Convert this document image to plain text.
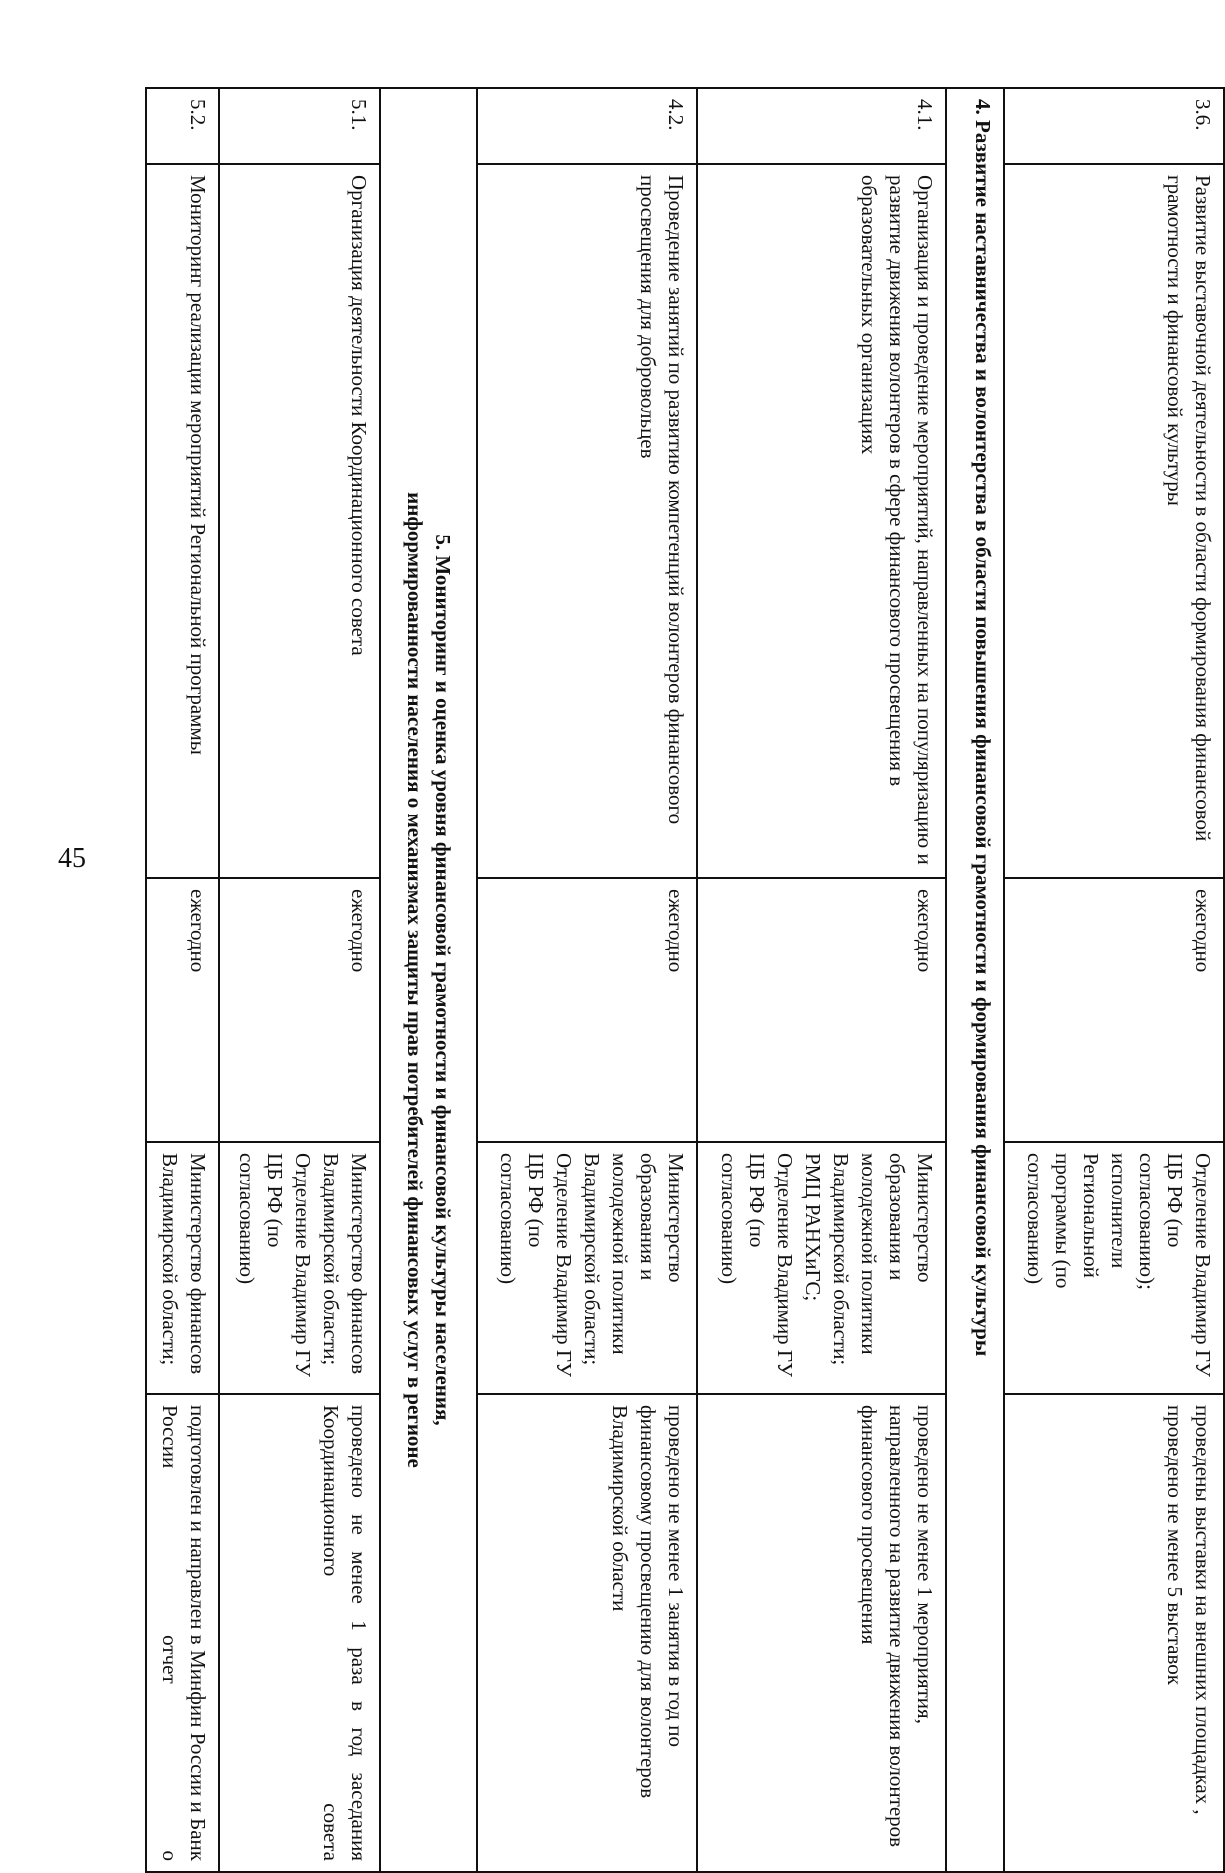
45
3.6.	Развитие выставочной деятельности в области формирования финансовой грамотности и финансовой культуры	ежегодно	Отделение Владимир ГУ ЦБ РФ (по согласованию); исполнители Региональной программы (по согласованию)	проведены выставки на внешних площадках , проведено не менее 5 выставок
4. Развитие наставничества и волонтерства в области повышения финансовой грамотности и формирования финансовой культуры				
4.1.	Организация и проведение мероприятий, направленных на популяризацию и развитие движения волонтеров в сфере финансового просвещения в образовательных организациях	ежегодно	Министерство образования и молодежной политики Владимирской области; РМЦ РАНХиГС; Отделение Владимир ГУ ЦБ РФ (по согласованию)	проведено не менее 1 мероприятия, направленного на развитие движения волонтеров финансового просвещения
4.2.	Проведение занятий по развитию компетенций волонтеров финансового просвещения для добровольцев	ежегодно	Министерство образования и молодежной политики Владимирской области; Отделение Владимир ГУ ЦБ РФ (по согласованию)	проведено не менее 1 занятия в год по финансовому просвещению для волонтеров Владимирской области

5. Мониторинг и оценка уровня финансовой грамотности и финансовой культуры населения,
информированности населения о механизмах защиты прав потребителей финансовых услуг в регионе				

5.1.	Организация деятельности Координационного совета	ежегодно	Министерство финансов Владимирской области; Отделение Владимир ГУ ЦБ РФ (по согласованию)	проведено не менее 1 раза в год заседания Координационного совета
5.2.	Мониторинг реализации мероприятий Региональной программы	ежегодно	Министерство финансов Владимирской области;	подготовлен и направлен в Минфин России и Банк России отчет о
